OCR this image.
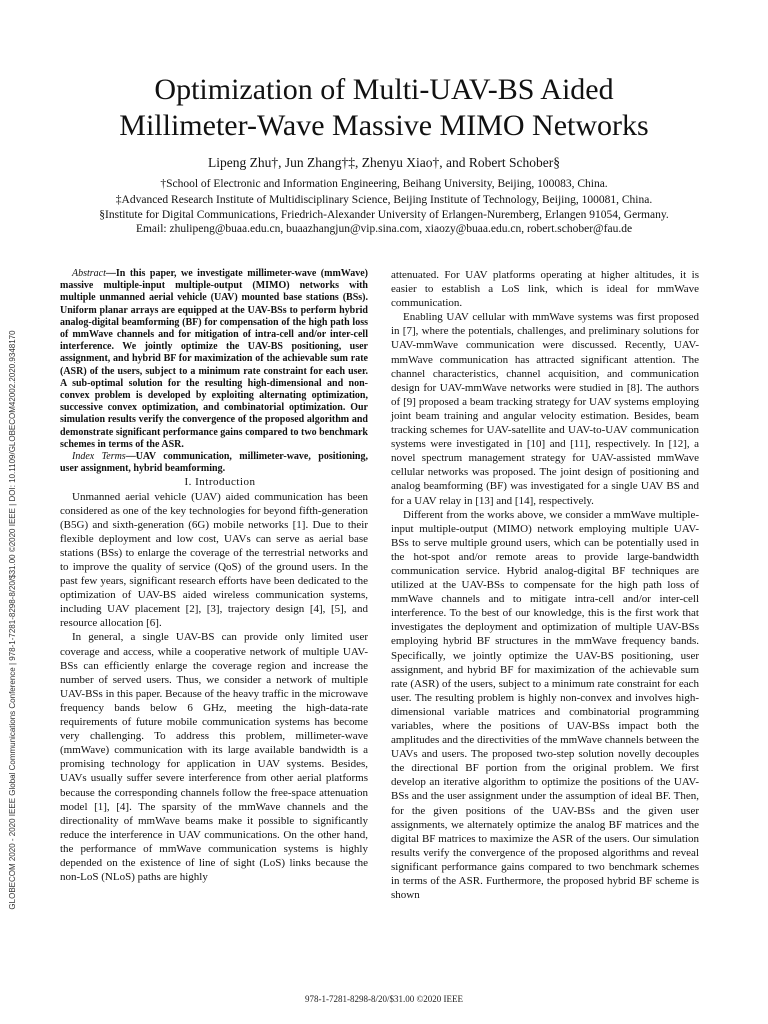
Optimization of Multi-UAV-BS Aided
Millimeter-Wave Massive MIMO Networks
Lipeng Zhu†, Jun Zhang†‡, Zhenyu Xiao†, and Robert Schober§
†School of Electronic and Information Engineering, Beihang University, Beijing, 100083, China.
‡Advanced Research Institute of Multidisciplinary Science, Beijing Institute of Technology, Beijing, 100081, China.
§Institute for Digital Communications, Friedrich-Alexander University of Erlangen-Nuremberg, Erlangen 91054, Germany.
Email: zhulipeng@buaa.edu.cn, buaazhangjun@vip.sina.com, xiaozy@buaa.edu.cn, robert.schober@fau.de
GLOBECOM 2020 - 2020 IEEE Global Communications Conference | 978-1-7281-8298-8/20/$31.00 ©2020 IEEE | DOI: 10.1109/GLOBECOM42002.2020.9348170

Abstract—In this paper, we investigate millimeter-wave (mmWave) massive multiple-input multiple-output (MIMO) networks with multiple unmanned aerial vehicle (UAV) mounted base stations (BSs). Uniform planar arrays are equipped at the UAV-BSs to perform hybrid analog-digital beamforming (BF) for compensation of the high path loss of mmWave channels and for mitigation of intra-cell and/or inter-cell interference. We jointly optimize the UAV-BS positioning, user assignment, and hybrid BF for maximization of the achievable sum rate (ASR) of the users, subject to a minimum rate constraint for each user. A sub-optimal solution for the resulting high-dimensional and non-convex problem is developed by exploiting alternating optimization, successive convex optimization, and combinatorial optimization. Our simulation results verify the convergence of the proposed algorithm and demonstrate significant performance gains compared to two benchmark schemes in terms of the ASR.

Index Terms—UAV communication, millimeter-wave, positioning, user assignment, hybrid beamforming.

I. Introduction

Unmanned aerial vehicle (UAV) aided communication has been considered as one of the key technologies for beyond fifth-generation (B5G) and sixth-generation (6G) mobile networks [1]. Due to their flexible deployment and low cost, UAVs can serve as aerial base stations (BSs) to enlarge the coverage of the terrestrial networks and to improve the quality of service (QoS) of the ground users. In the past few years, significant research efforts have been dedicated to the optimization of UAV-BS aided wireless communication systems, including UAV placement [2], [3], trajectory design [4], [5], and resource allocation [6].

In general, a single UAV-BS can provide only limited user coverage and access, while a cooperative network of multiple UAV-BSs can efficiently enlarge the coverage region and increase the number of served users. Thus, we consider a network of multiple UAV-BSs in this paper. Because of the heavy traffic in the microwave frequency bands below 6 GHz, meeting the high-data-rate requirements of future mobile communication systems has become very challenging. To address this problem, millimeter-wave (mmWave) communication with its large available bandwidth is a promising technology for application in UAV systems. Besides, UAVs usually suffer severe interference from other aerial platforms because the corresponding channels follow the free-space attenuation model [1], [4]. The sparsity of the mmWave channels and the directionality of mmWave beams make it possible to significantly reduce the interference in UAV communications. On the other hand, the performance of mmWave communication systems is highly depended on the existence of line of sight (LoS) links because the non-LoS (NLoS) paths are highly

attenuated. For UAV platforms operating at higher altitudes, it is easier to establish a LoS link, which is ideal for mmWave communication.

Enabling UAV cellular with mmWave systems was first proposed in [7], where the potentials, challenges, and preliminary solutions for UAV-mmWave communication were discussed. Recently, UAV-mmWave communication has attracted significant attention. The channel characteristics, channel acquisition, and communication design for UAV-mmWave networks were studied in [8]. The authors of [9] proposed a beam tracking strategy for UAV systems employing joint beam training and angular velocity estimation. Besides, beam tracking schemes for UAV-satellite and UAV-to-UAV communication systems were investigated in [10] and [11], respectively. In [12], a novel spectrum management strategy for UAV-assisted mmWave cellular networks was proposed. The joint design of positioning and analog beamforming (BF) was investigated for a single UAV BS and for a UAV relay in [13] and [14], respectively.

Different from the works above, we consider a mmWave multiple-input multiple-output (MIMO) network employing multiple UAV-BSs to serve multiple ground users, which can be potentially used in the hot-spot and/or remote areas to provide large-bandwidth communication service. Hybrid analog-digital BF techniques are utilized at the UAV-BSs to compensate for the high path loss of mmWave channels and to mitigate intra-cell and/or inter-cell interference. To the best of our knowledge, this is the first work that investigates the deployment and optimization of multiple UAV-BSs employing hybrid BF structures in the mmWave frequency bands. Specifically, we jointly optimize the UAV-BS positioning, user assignment, and hybrid BF for maximization of the achievable sum rate (ASR) of the users, subject to a minimum rate constraint for each user. The resulting problem is highly non-convex and involves high-dimensional variable matrices and combinatorial programming variables, where the positions of UAV-BSs impact both the amplitudes and the directivities of the mmWave channels between the UAVs and users. The proposed two-step solution novelly decouples the directional BF portion from the original problem. We first develop an iterative algorithm to optimize the positions of the UAV-BSs and the user assignment under the assumption of ideal BF. Then, for the given positions of the UAV-BSs and the given user assignments, we alternately optimize the analog BF matrices and the digital BF matrices to maximize the ASR of the users. Our simulation results verify the convergence of the proposed algorithms and reveal significant performance gains compared to two benchmark schemes in terms of the ASR. Furthermore, the proposed hybrid BF scheme is shown

978-1-7281-8298-8/20/$31.00 ©2020 IEEE
